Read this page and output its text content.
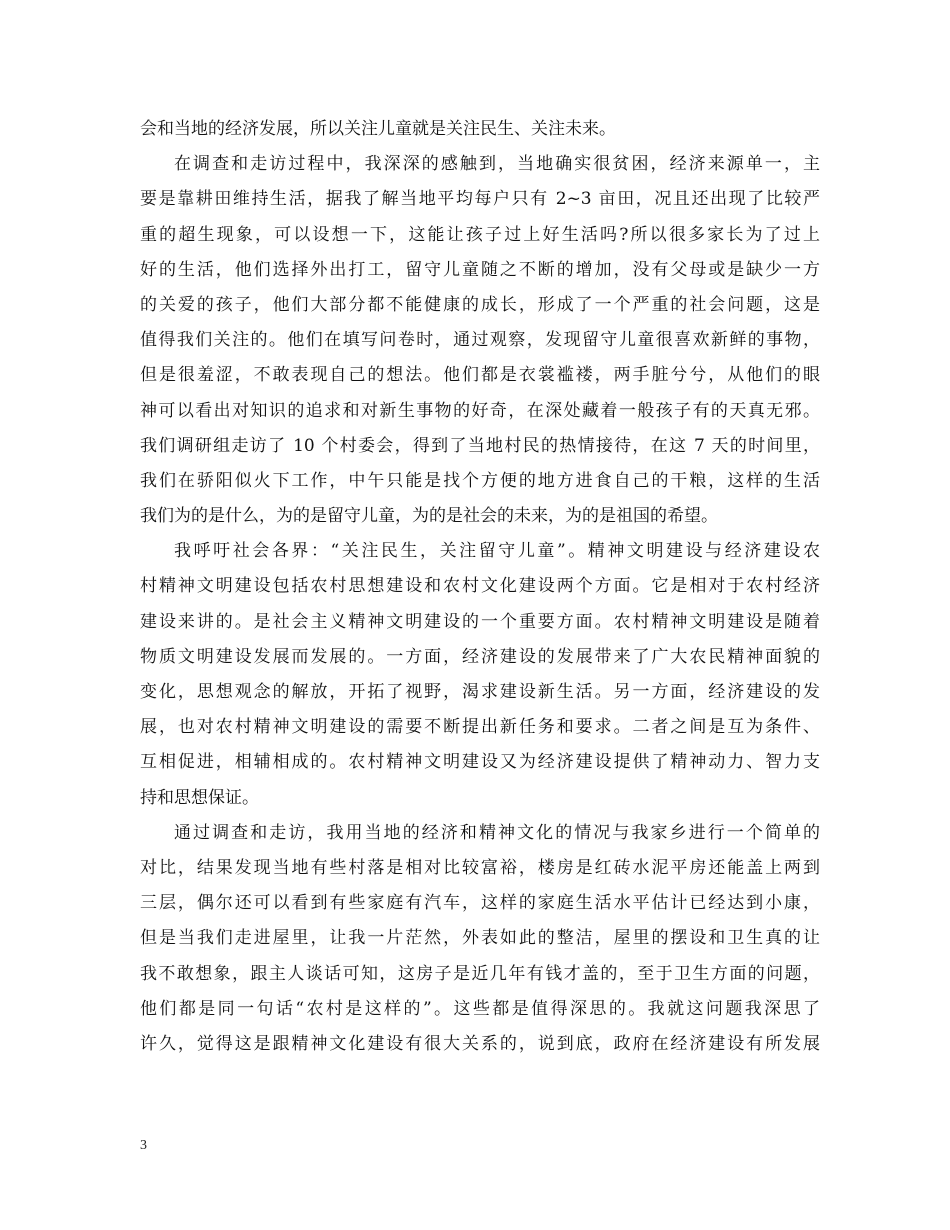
会和当地的经济发展，所以关注儿童就是关注民生、关注未来。
在调查和走访过程中，我深深的感触到，当地确实很贫困，经济来源单一，主
要是靠耕田维持生活，据我了解当地平均每户只有 2~3 亩田，况且还出现了比较严
重的超生现象，可以设想一下，这能让孩子过上好生活吗?所以很多家长为了过上
好的生活，他们选择外出打工，留守儿童随之不断的增加，没有父母或是缺少一方
的关爱的孩子，他们大部分都不能健康的成长，形成了一个严重的社会问题，这是
值得我们关注的。他们在填写问卷时，通过观察，发现留守儿童很喜欢新鲜的事物，
但是很羞涩，不敢表现自己的想法。他们都是衣裳褴褛，两手脏兮兮，从他们的眼
神可以看出对知识的追求和对新生事物的好奇，在深处藏着一般孩子有的天真无邪。
我们调研组走访了 10 个村委会，得到了当地村民的热情接待，在这 7 天的时间里，
我们在骄阳似火下工作，中午只能是找个方便的地方进食自己的干粮，这样的生活
我们为的是什么，为的是留守儿童，为的是社会的未来，为的是祖国的希望。
我呼吁社会各界：“关注民生，关注留守儿童”。精神文明建设与经济建设农
村精神文明建设包括农村思想建设和农村文化建设两个方面。它是相对于农村经济
建设来讲的。是社会主义精神文明建设的一个重要方面。农村精神文明建设是随着
物质文明建设发展而发展的。一方面，经济建设的发展带来了广大农民精神面貌的
变化，思想观念的解放，开拓了视野，渴求建设新生活。另一方面，经济建设的发
展，也对农村精神文明建设的需要不断提出新任务和要求。二者之间是互为条件、
互相促进，相辅相成的。农村精神文明建设又为经济建设提供了精神动力、智力支
持和思想保证。
通过调查和走访，我用当地的经济和精神文化的情况与我家乡进行一个简单的
对比，结果发现当地有些村落是相对比较富裕，楼房是红砖水泥平房还能盖上两到
三层，偶尔还可以看到有些家庭有汽车，这样的家庭生活水平估计已经达到小康，
但是当我们走进屋里，让我一片茫然，外表如此的整洁，屋里的摆设和卫生真的让
我不敢想象，跟主人谈话可知，这房子是近几年有钱才盖的，至于卫生方面的问题，
他们都是同一句话“农村是这样的”。这些都是值得深思的。我就这问题我深思了
许久，觉得这是跟精神文化建设有很大关系的，说到底，政府在经济建设有所发展
3
